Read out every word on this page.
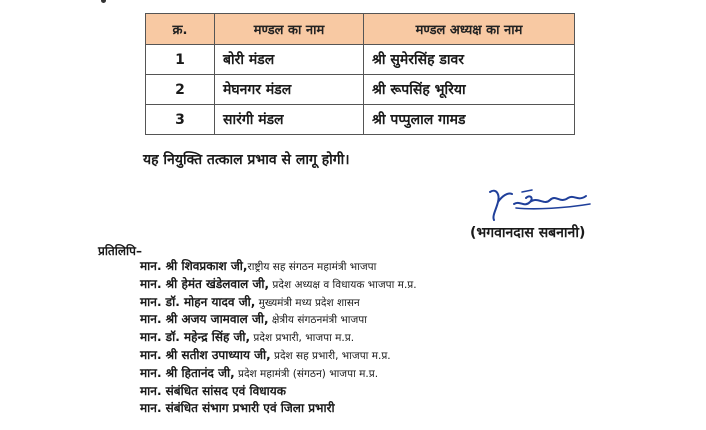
क्र.	मण्डल का नाम	मण्डल अध्यक्ष का नाम
1	बोरी मंडल	श्री सुमेरसिंह डावर
2	मेघनगर मंडल	श्री रूपसिंह भूरिया
3	सारंगी मंडल	श्री पप्पुलाल गामड
यह नियुक्ति तत्काल प्रभाव से लागू होगी।
(भगवानदास सबनानी)
प्रतिलिपि–
मान. श्री शिवप्रकाश जी,राष्ट्रीय सह संगठन महामंत्री भाजपा
मान. श्री हेमंत खंडेलवाल जी, प्रदेश अध्यक्ष व विधायक भाजपा म.प्र.
मान. डॉ. मोहन यादव जी, मुख्यमंत्री मध्य प्रदेश शासन
मान. श्री अजय जामवाल जी, क्षेत्रीय संगठनमंत्री भाजपा
मान. डॉ. महेन्द्र सिंह जी, प्रदेश प्रभारी, भाजपा म.प्र.
मान. श्री सतीश उपाध्याय जी, प्रदेश सह प्रभारी, भाजपा म.प्र.
मान. श्री हितानंद जी, प्रदेश महामंत्री (संगठन) भाजपा म.प्र.
मान. संबंधित सांसद एवं विधायक
मान. संबंधित संभाग प्रभारी एवं जिला प्रभारी
